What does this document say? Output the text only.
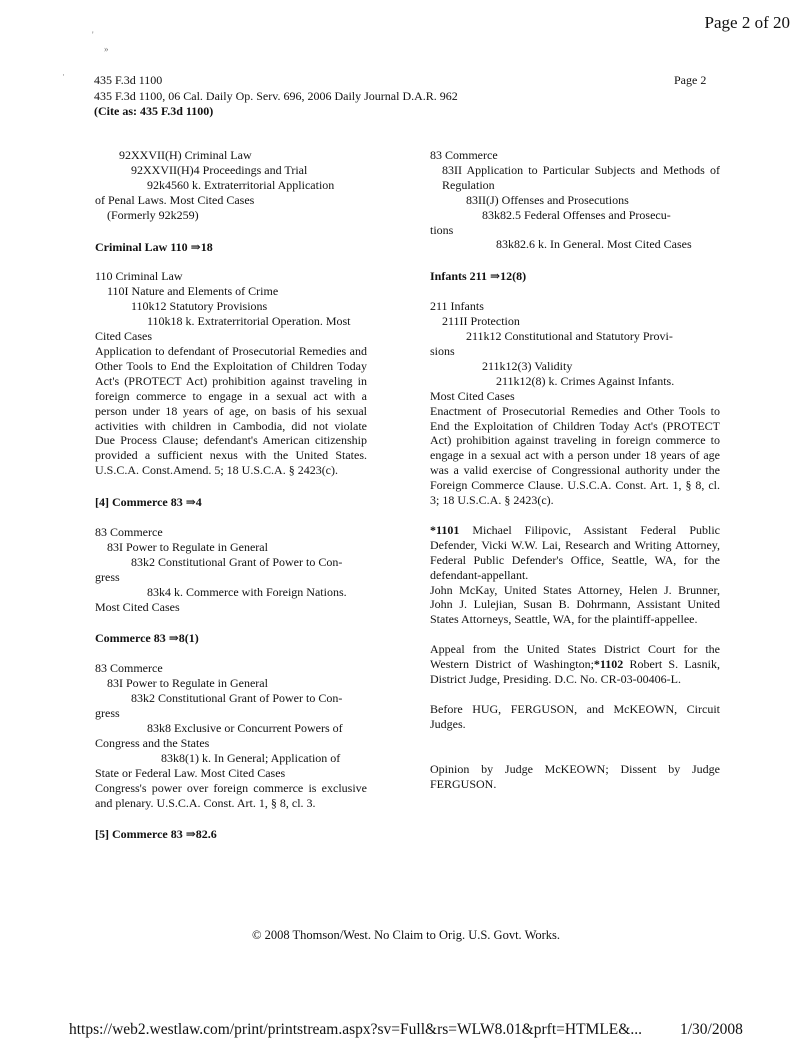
Page 2 of 20
'
»
· 435 F.3d 1100
435 F.3d 1100, 06 Cal. Daily Op. Serv. 696, 2006 Daily Journal D.A.R. 962
(Cite as: 435 F.3d 1100)
Page 2

92XXVII(H) Criminal Law

92XXVII(H)4 Proceedings and Trial

92k4560 k. Extraterritorial Application

of Penal Laws. Most Cited Cases

(Formerly 92k259)

Criminal Law 110 ⇒18

110 Criminal Law

110I Nature and Elements of Crime

110k12 Statutory Provisions

110k18 k. Extraterritorial Operation. Most

Cited Cases

Application to defendant of Prosecutorial Remedies and Other Tools to End the Exploitation of Children Today Act's (PROTECT Act) prohibition against traveling in foreign commerce to engage in a sexual act with a person under 18 years of age, on basis of his sexual activities with children in Cambodia, did not violate Due Process Clause; defendant's American citizenship provided a sufficient nexus with the United States. U.S.C.A. Const.Amend. 5; 18 U.S.C.A. § 2423(c).

[4] Commerce 83 ⇒4

83 Commerce

83I Power to Regulate in General

83k2 Constitutional Grant of Power to Con-

gress

83k4 k. Commerce with Foreign Nations.

Most Cited Cases

Commerce 83 ⇒8(1)

83 Commerce

83I Power to Regulate in General

83k2 Constitutional Grant of Power to Con-

gress

83k8 Exclusive or Concurrent Powers of

Congress and the States

83k8(1) k. In General; Application of

State or Federal Law. Most Cited Cases

Congress's power over foreign commerce is exclusive and plenary. U.S.C.A. Const. Art. 1, § 8, cl. 3.

[5] Commerce 83 ⇒82.6

83 Commerce

83II Application to Particular Subjects and Methods of Regulation

83II(J) Offenses and Prosecutions

83k82.5 Federal Offenses and Prosecu-

tions

83k82.6 k. In General. Most Cited Cases

Infants 211 ⇒12(8)

211 Infants

211II Protection

211k12 Constitutional and Statutory Provi-

sions

211k12(3) Validity

211k12(8) k. Crimes Against Infants.

Most Cited Cases

Enactment of Prosecutorial Remedies and Other Tools to End the Exploitation of Children Today Act's (PROTECT Act) prohibition against traveling in foreign commerce to engage in a sexual act with a person under 18 years of age was a valid exercise of Congressional authority under the Foreign Commerce Clause. U.S.C.A. Const. Art. 1, § 8, cl. 3; 18 U.S.C.A. § 2423(c).

*1101 Michael Filipovic, Assistant Federal Public Defender, Vicki W.W. Lai, Research and Writing Attorney, Federal Public Defender's Office, Seattle, WA, for the defendant-appellant.

John McKay, United States Attorney, Helen J. Brunner, John J. Lulejian, Susan B. Dohrmann, Assistant United States Attorneys, Seattle, WA, for the plaintiff-appellee.

Appeal from the United States District Court for the Western District of Washington;*1102 Robert S. Lasnik, District Judge, Presiding. D.C. No. CR-03-00406-L.

Before HUG, FERGUSON, and McKEOWN, Circuit Judges.

Opinion by Judge McKEOWN; Dissent by Judge FERGUSON.

© 2008 Thomson/West. No Claim to Orig. U.S. Govt. Works.
https://web2.westlaw.com/print/printstream.aspx?sv=Full&rs=WLW8.01&prft=HTMLE&... 1/30/2008
